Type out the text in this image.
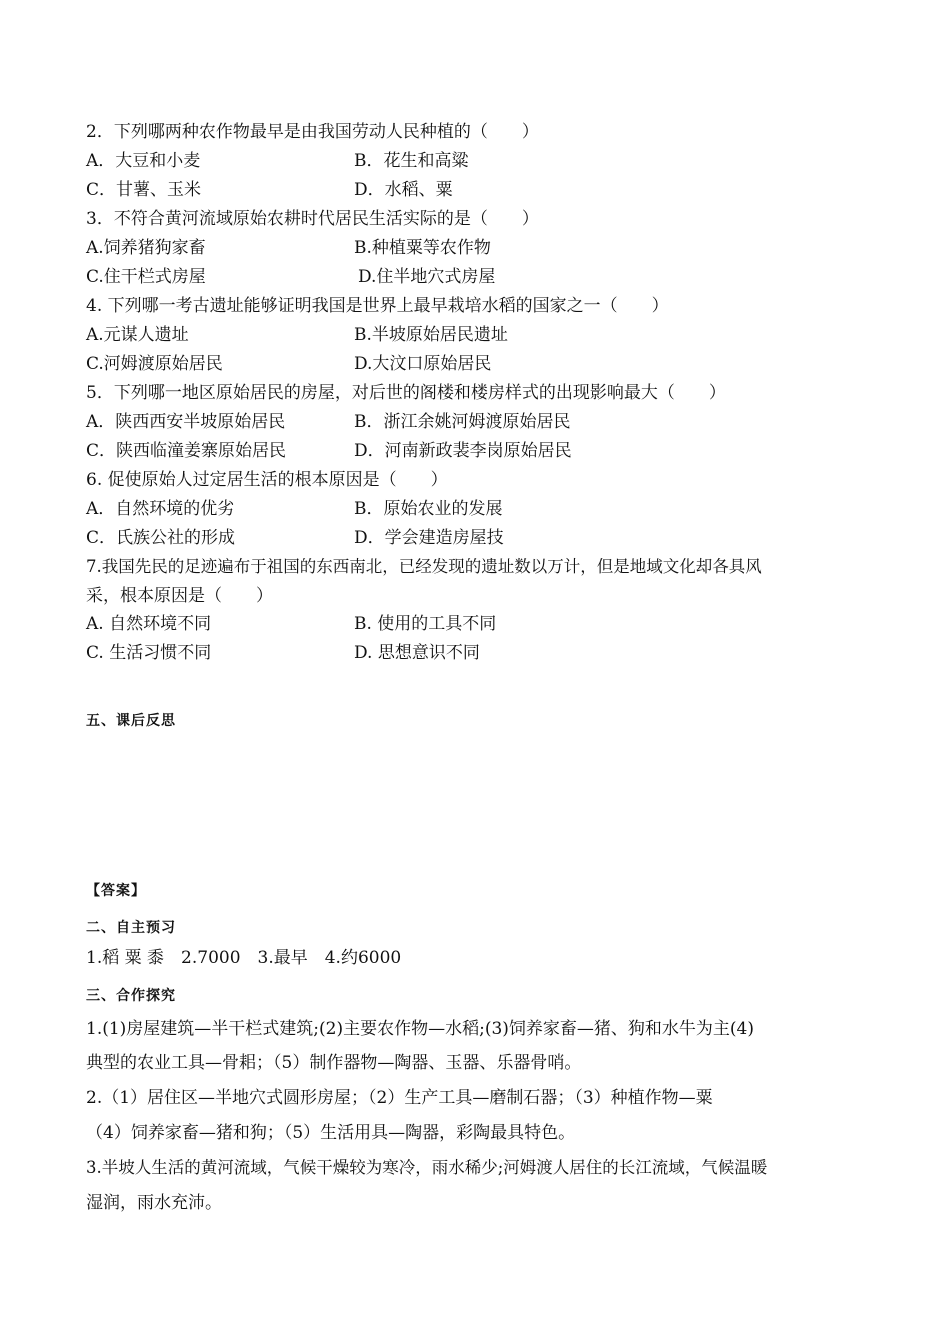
2．下列哪两种农作物最早是由我国劳动人民种植的（　　）
A．大豆和小麦	B．花生和高粱
C．甘薯、玉米	D．水稻、粟
3．不符合黄河流域原始农耕时代居民生活实际的是（　　）
A.饲养猪狗家畜	B.种植粟等农作物
C.住干栏式房屋	D.住半地穴式房屋
4. 下列哪一考古遗址能够证明我国是世界上最早栽培水稻的国家之一（　　）
A.元谋人遗址	B.半坡原始居民遗址
C.河姆渡原始居民	D.大汶口原始居民
5．下列哪一地区原始居民的房屋，对后世的阁楼和楼房样式的出现影响最大（　　）
A．陕西西安半坡原始居民	B．浙江余姚河姆渡原始居民
C．陕西临潼姜寨原始居民	D．河南新政裴李岗原始居民
6. 促使原始人过定居生活的根本原因是（　　）
A．自然环境的优劣	B．原始农业的发展
C．氏族公社的形成	D．学会建造房屋技
7.我国先民的足迹遍布于祖国的东西南北，已经发现的遗址数以万计，但是地域文化却各具风
采，根本原因是（　　）
A. 自然环境不同	B. 使用的工具不同
C. 生活习惯不同	D. 思想意识不同
五、课后反思
【答案】
二、自主预习
1.稻 粟 黍　2.7000　3.最早　4.约6000
三、合作探究
1.(1)房屋建筑—半干栏式建筑;(2)主要农作物—水稻;(3)饲养家畜—猪、狗和水牛为主(4)
典型的农业工具—骨耜；（5）制作器物—陶器、玉器、乐器骨哨。
2.（1）居住区—半地穴式圆形房屋；（2）生产工具—磨制石器；（3）种植作物—粟
（4）饲养家畜—猪和狗；（5）生活用具—陶器，彩陶最具特色。
3.半坡人生活的黄河流域，气候干燥较为寒冷，雨水稀少;河姆渡人居住的长江流域，气候温暖
湿润，雨水充沛。
